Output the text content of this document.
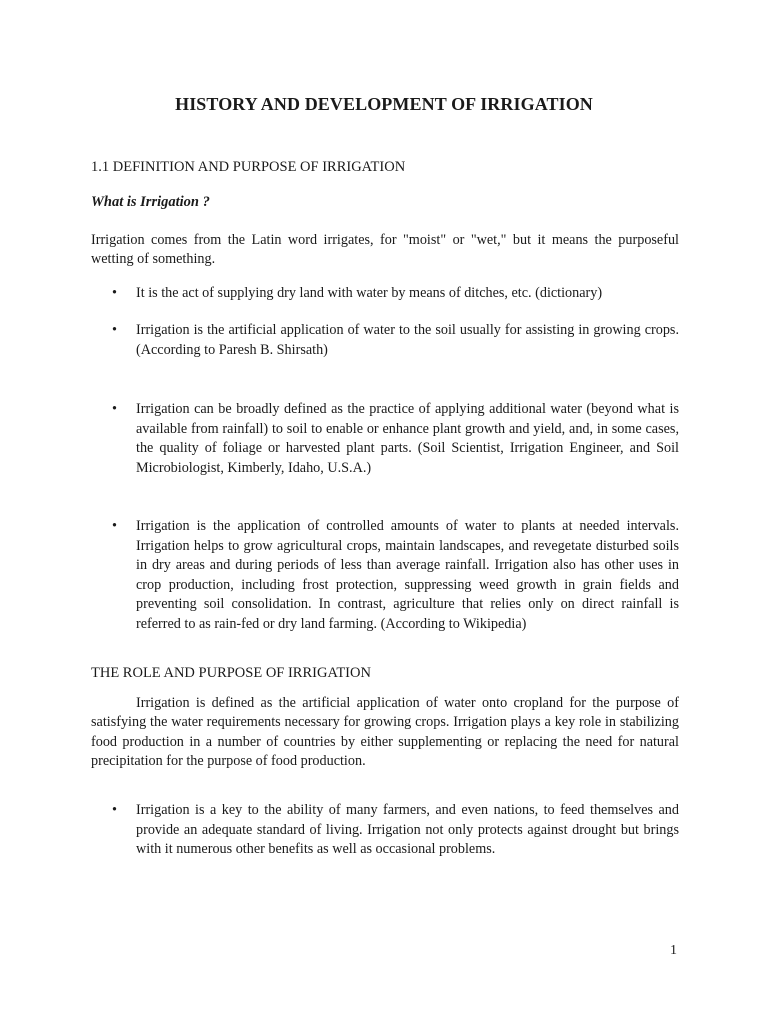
HISTORY AND DEVELOPMENT OF IRRIGATION
1.1 DEFINITION AND PURPOSE OF IRRIGATION
What is Irrigation ?
Irrigation comes from the Latin word irrigates, for "moist" or "wet," but it means the purposeful wetting of something.
•	It is the act of supplying dry land with water by means of ditches, etc. (dictionary)
•	Irrigation is the artificial application of water to the soil usually for assisting in growing crops. (According to Paresh B. Shirsath)
•	Irrigation can be broadly defined as the practice of applying additional water (beyond what is available from rainfall) to soil to enable or enhance plant growth and yield, and, in some cases, the quality of foliage or harvested plant parts. (Soil Scientist, Irrigation Engineer, and Soil Microbiologist, Kimberly, Idaho, U.S.A.)
•	Irrigation is the application of controlled amounts of water to plants at needed intervals. Irrigation helps to grow agricultural crops, maintain landscapes, and revegetate disturbed soils in dry areas and during periods of less than average rainfall. Irrigation also has other uses in crop production, including frost protection, suppressing weed growth in grain fields and preventing soil consolidation. In contrast, agriculture that relies only on direct rainfall is referred to as rain-fed or dry land farming. (According to Wikipedia)
THE ROLE AND PURPOSE OF IRRIGATION
Irrigation is defined as the artificial application of water onto cropland for the purpose of satisfying the water requirements necessary for growing crops. Irrigation plays a key role in stabilizing food production in a number of countries by either supplementing or replacing the need for natural precipitation for the purpose of food production.
•	Irrigation is a key to the ability of many farmers, and even nations, to feed themselves and provide an adequate standard of living. Irrigation not only protects against drought but brings with it numerous other benefits as well as occasional problems.
1
